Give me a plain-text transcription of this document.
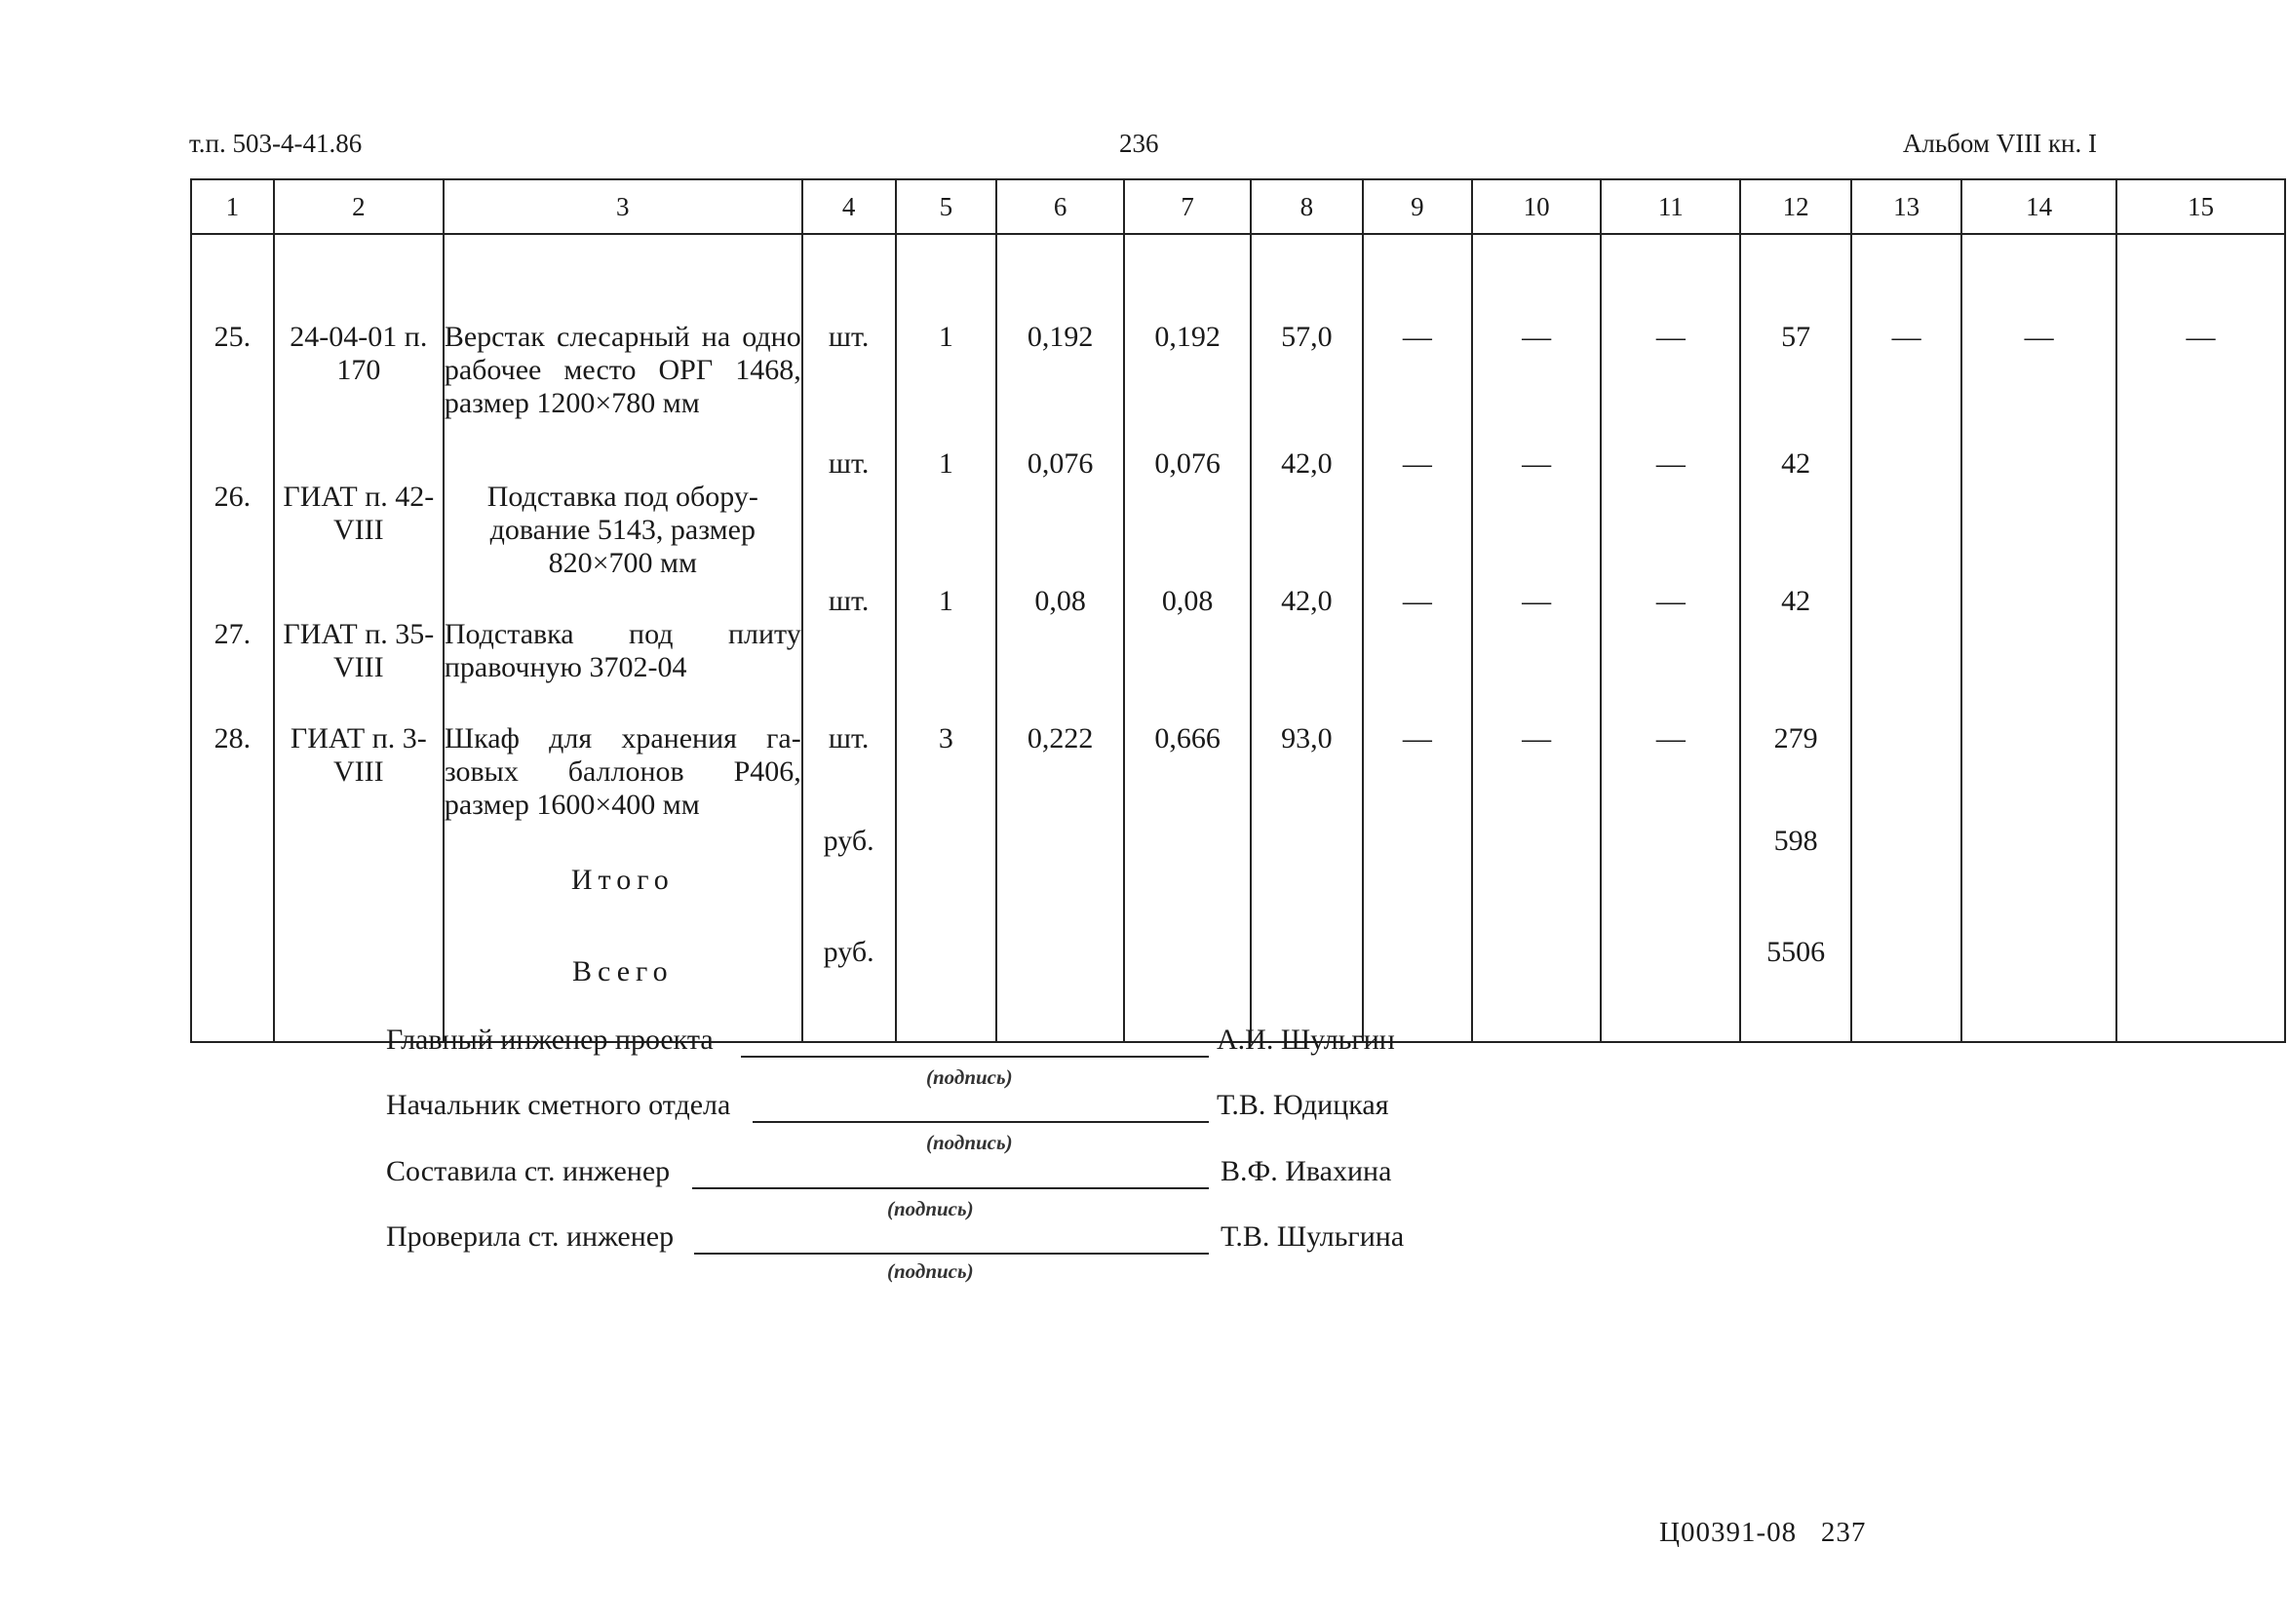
т.п. 503-4-41.86	236	Альбом VIII кн. I
1	2	3	4	5	6	7	8	9	10	11	12	13	14	15
25.	24-04-01 п. 170	Верстак слесарный на одно рабочее место ОРГ 1468, размер 1200×780 мм	шт.	1	0,192	0,192	57,0	—	—	—	57	—	—	—
26.	ГИАТ п. 42-VIII	Подставка под обору-дование 5143, размер 820×700 мм	шт.	1	0,076	0,076	42,0	—	—	—	42			
27.	ГИАТ п. 35-VIII	Подставка под плиту правочную 3702-04	шт.	1	0,08	0,08	42,0	—	—	—	42			
28.	ГИАТ п. 3-VIII	Шкаф для хранения га-зовых баллонов Р406, размер 1600×400 мм	шт.	3	0,222	0,666	93,0	—	—	—	279			
		Итого	руб.								598			
		Всего	руб.								5506			
Главный инженер проекта	А.И. Шульгин
(подпись)
Начальник сметного отдела	Т.В. Юдицкая
(подпись)
Составила ст. инженер	В.Ф. Ивахина
(подпись)
Проверила ст. инженер	Т.В. Шульгина
(подпись)
Ц00391-08   237
